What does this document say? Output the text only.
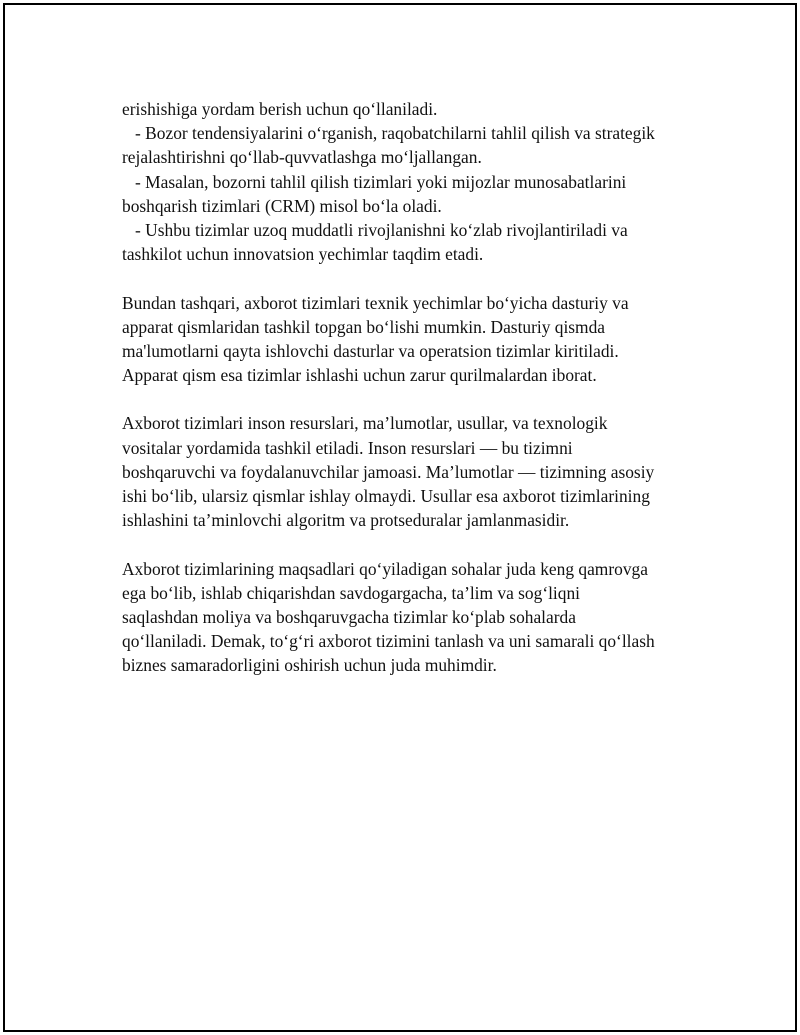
erishishiga yordam berish uchun qoʻllaniladi.
- Bozor tendensiyalarini oʻrganish, raqobatchilarni tahlil qilish va strategik
rejalashtirishni qoʻllab-quvvatlashga moʻljallangan.
- Masalan, bozorni tahlil qilish tizimlari yoki mijozlar munosabatlarini
boshqarish tizimlari (CRM) misol boʻla oladi.
- Ushbu tizimlar uzoq muddatli rivojlanishni koʻzlab rivojlantiriladi va
tashkilot uchun innovatsion yechimlar taqdim etadi.
Bundan tashqari, axborot tizimlari texnik yechimlar boʻyicha dasturiy va
apparat qismlaridan tashkil topgan boʻlishi mumkin. Dasturiy qismda
ma'lumotlarni qayta ishlovchi dasturlar va operatsion tizimlar kiritiladi.
Apparat qism esa tizimlar ishlashi uchun zarur qurilmalardan iborat.
Axborot tizimlari inson resurslari, ma’lumotlar, usullar, va texnologik
vositalar yordamida tashkil etiladi. Inson resurslari — bu tizimni
boshqaruvchi va foydalanuvchilar jamoasi. Ma’lumotlar — tizimning asosiy
ishi boʻlib, ularsiz qismlar ishlay olmaydi. Usullar esa axborot tizimlarining
ishlashini ta’minlovchi algoritm va protseduralar jamlanmasidir.
Axborot tizimlarining maqsadlari qoʻyiladigan sohalar juda keng qamrovga
ega boʻlib, ishlab chiqarishdan savdogargacha, ta’lim va sogʻliqni
saqlashdan moliya va boshqaruvgacha tizimlar koʻplab sohalarda
qoʻllaniladi. Demak, toʻgʻri axborot tizimini tanlash va uni samarali qoʻllash
biznes samaradorligini oshirish uchun juda muhimdir.
